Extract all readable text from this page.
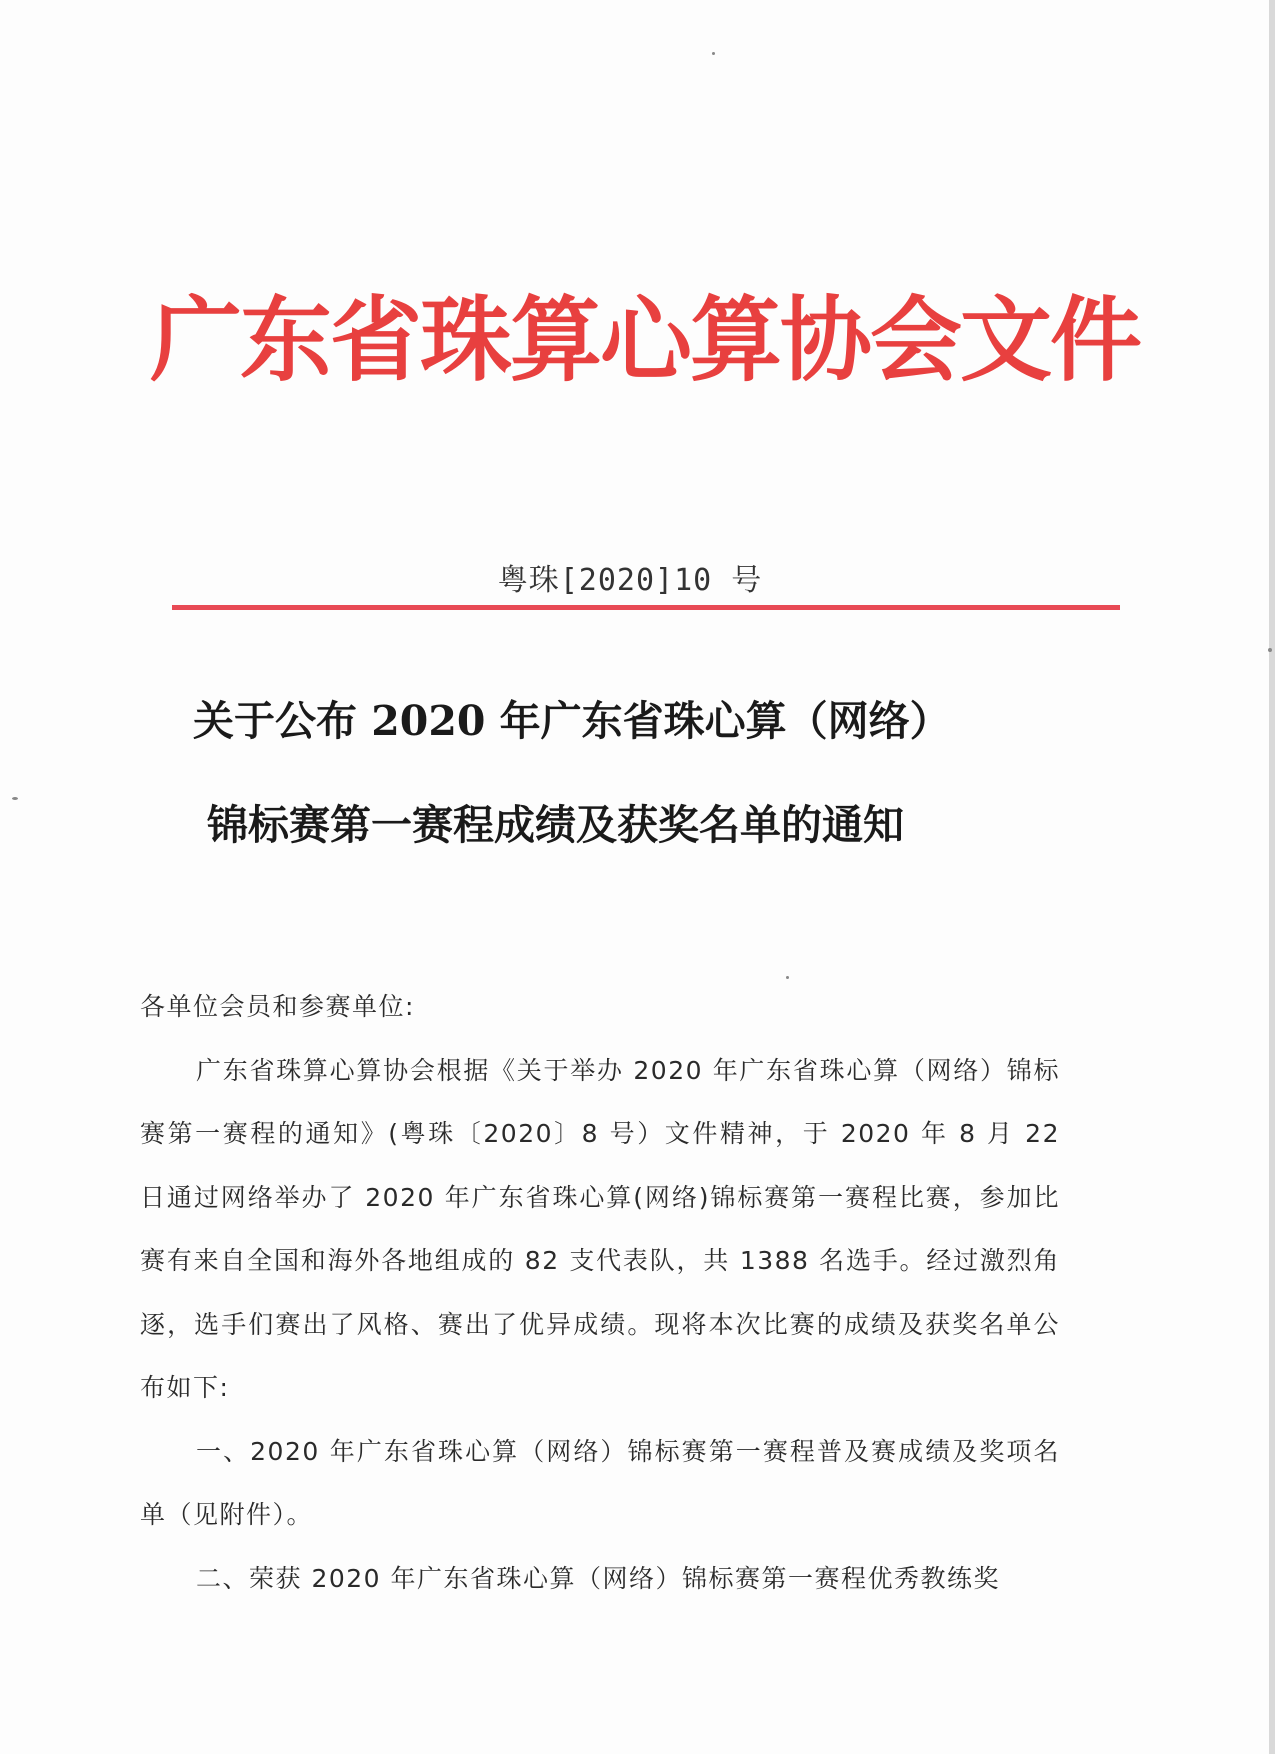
广东省珠算心算协会文件
粤珠[2020]10 号
关于公布 2020 年广东省珠心算（网络）
锦标赛第一赛程成绩及获奖名单的通知

各单位会员和参赛单位:

广东省珠算心算协会根据《关于举办 2020 年广东省珠心算（网络）锦标赛第一赛程的通知》(粤珠〔2020〕8 号）文件精神，于 2020 年 8 月 22 日通过网络举办了 2020 年广东省珠心算(网络)锦标赛第一赛程比赛，参加比赛有来自全国和海外各地组成的 82 支代表队，共 1388 名选手。经过激烈角逐，选手们赛出了风格、赛出了优异成绩。现将本次比赛的成绩及获奖名单公布如下:

一、2020 年广东省珠心算（网络）锦标赛第一赛程普及赛成绩及奖项名单（见附件）。

二、荣获 2020 年广东省珠心算（网络）锦标赛第一赛程优秀教练奖
